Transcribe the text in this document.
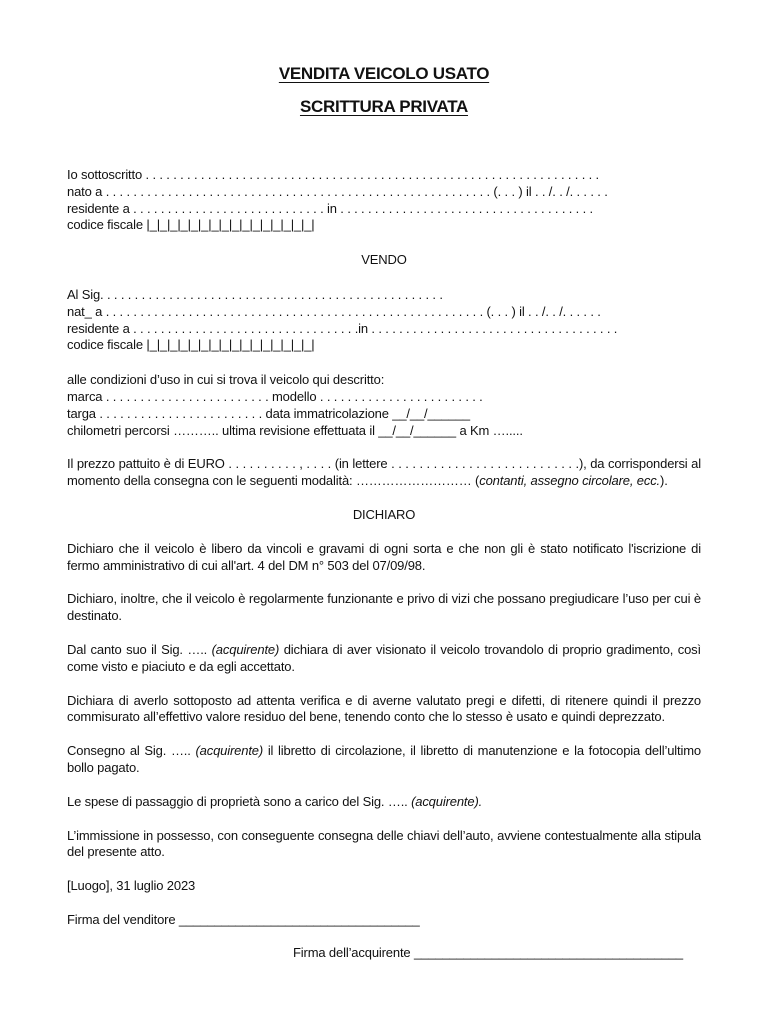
VENDITA VEICOLO USATO
SCRITTURA PRIVATA

Io sottoscritto . . . . . . . . . . . . . . . . . . . . . . . . . . . . . . . . . . . . . . . . . . . . . . . . . . . . . . . . . . . . . . . . . .

nato a . . . . . . . . . . . . . . . . . . . . . . . . . . . . . . . . . . . . . . . . . . . . . . . . . . . . . . . . (. . . ) il . . /. . /. . . . . .

residente a . . . . . . . . . . . . . . . . . . . . . . . . . . . . in . . . . . . . . . . . . . . . . . . . . . . . . . . . . . . . . . . . . .

codice fiscale |_|_|_|_|_|_|_|_|_|_|_|_|_|_|_|_|

VENDO

Al Sig. . . . . . . . . . . . . . . . . . . . . . . . . . . . . . . . . . . . . . . . . . . . . . . . . .

nat_ a . . . . . . . . . . . . . . . . . . . . . . . . . . . . . . . . . . . . . . . . . . . . . . . . . . . . . . . (. . . ) il . . /. . /. . . . . .

residente a . . . . . . . . . . . . . . . . . . . . . . . . . . . . . . . . .in . . . . . . . . . . . . . . . . . . . . . . . . . . . . . . . . . . . .

codice fiscale |_|_|_|_|_|_|_|_|_|_|_|_|_|_|_|_|

alle condizioni d’uso in cui si trova il veicolo qui descritto:

marca . . . . . . . . . . . . . . . . . . . . . . . . modello . . . . . . . . . . . . . . . . . . . . . . . .

targa . . . . . . . . . . . . . . . . . . . . . . . . data immatricolazione __/__/______

chilometri percorsi ……….. ultima revisione effettuata il __/__/______ a Km ….....

Il prezzo pattuito è di EURO . . . . . . . . . . , . . . . (in lettere . . . . . . . . . . . . . . . . . . . . . . . . . . .), da corrispondersi al momento della consegna con le seguenti modalità: ……………………… (contanti, assegno circolare, ecc.).

DICHIARO

Dichiaro che il veicolo è libero da vincoli e gravami di ogni sorta e che non gli è stato notificato l'iscrizione di fermo amministrativo di cui all'art. 4 del DM n° 503 del 07/09/98.

Dichiaro, inoltre, che il veicolo è regolarmente funzionante e privo di vizi che possano pregiudicare l’uso per cui è destinato.

Dal canto suo il Sig. ….. (acquirente) dichiara di aver visionato il veicolo trovandolo di proprio gradimento, così come visto e piaciuto e da egli accettato.

Dichiara di averlo sottoposto ad attenta verifica e di averne valutato pregi e difetti, di ritenere quindi il prezzo commisurato all’effettivo valore residuo del bene, tenendo conto che lo stesso è usato e quindi deprezzato.

Consegno al Sig. ….. (acquirente) il libretto di circolazione, il libretto di manutenzione e la fotocopia dell’ultimo bollo pagato.

Le spese di passaggio di proprietà sono a carico del Sig. ….. (acquirente).

L’immissione in possesso, con conseguente consegna delle chiavi dell’auto, avviene contestualmente alla stipula del presente atto.

[Luogo], 31 luglio 2023

Firma del venditore __________________________________

Firma dell’acquirente ______________________________________
